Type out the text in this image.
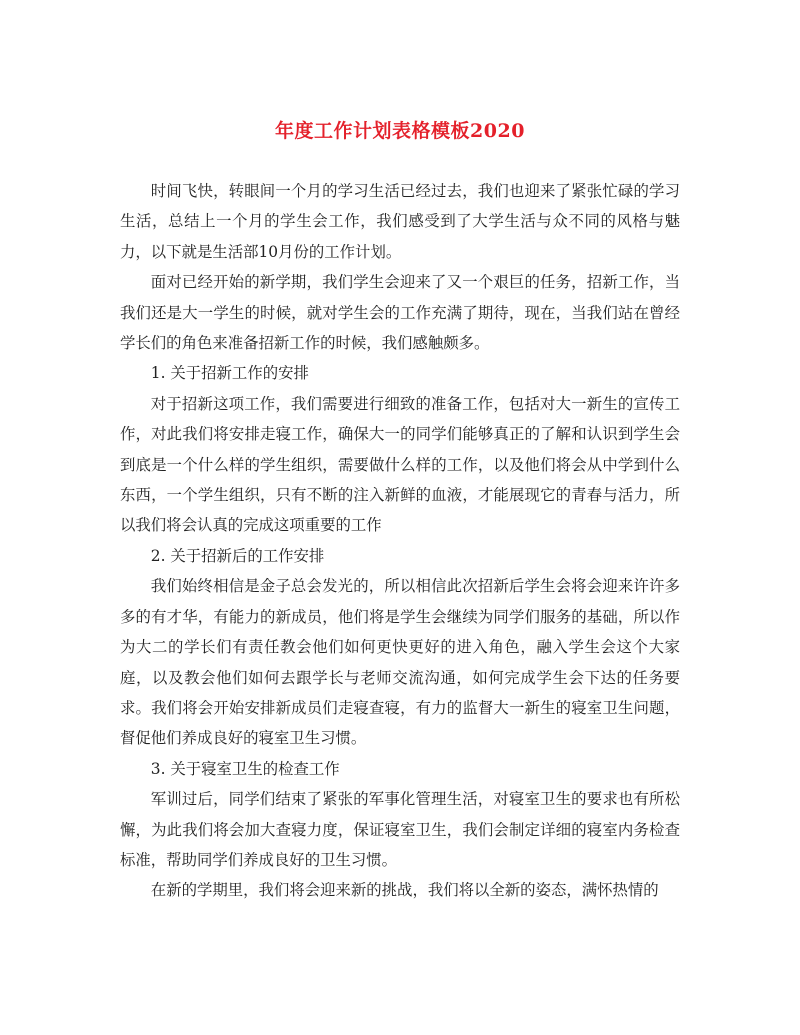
年度工作计划表格模板2020

时间飞快，转眼间一个月的学习生活已经过去，我们也迎来了紧张忙碌的学习生活，总结上一个月的学生会工作，我们感受到了大学生活与众不同的风格与魅力，以下就是生活部10月份的工作计划。

面对已经开始的新学期，我们学生会迎来了又一个艰巨的任务，招新工作，当我们还是大一学生的时候，就对学生会的工作充满了期待，现在，当我们站在曾经学长们的角色来准备招新工作的时候，我们感触颇多。

1. 关于招新工作的安排

对于招新这项工作，我们需要进行细致的准备工作，包括对大一新生的宣传工作，对此我们将安排走寝工作，确保大一的同学们能够真正的了解和认识到学生会到底是一个什么样的学生组织，需要做什么样的工作，以及他们将会从中学到什么东西，一个学生组织，只有不断的注入新鲜的血液，才能展现它的青春与活力，所以我们将会认真的完成这项重要的工作

2. 关于招新后的工作安排

我们始终相信是金子总会发光的，所以相信此次招新后学生会将会迎来许许多多的有才华，有能力的新成员，他们将是学生会继续为同学们服务的基础，所以作为大二的学长们有责任教会他们如何更快更好的进入角色，融入学生会这个大家庭，以及教会他们如何去跟学长与老师交流沟通，如何完成学生会下达的任务要求。我们将会开始安排新成员们走寝查寝，有力的监督大一新生的寝室卫生问题，督促他们养成良好的寝室卫生习惯。

3. 关于寝室卫生的检查工作

军训过后，同学们结束了紧张的军事化管理生活，对寝室卫生的要求也有所松懈，为此我们将会加大查寝力度，保证寝室卫生，我们会制定详细的寝室内务检查标准，帮助同学们养成良好的卫生习惯。

在新的学期里，我们将会迎来新的挑战，我们将以全新的姿态，满怀热情的
